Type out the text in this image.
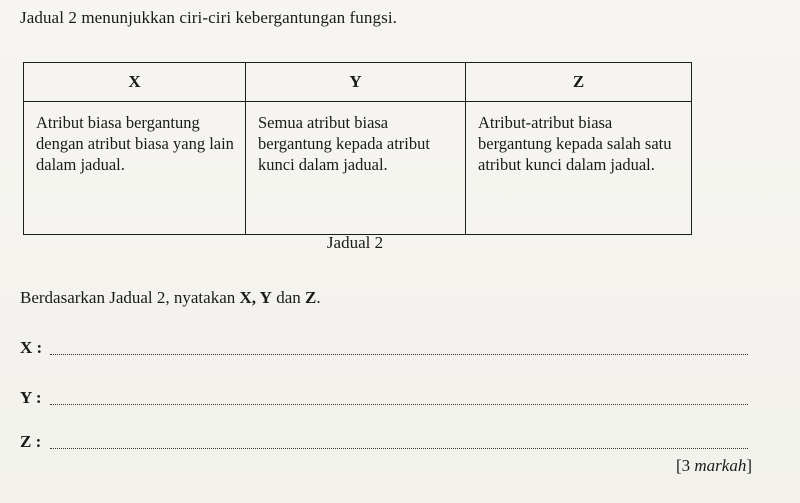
Jadual 2 menunjukkan ciri-ciri kebergantungan fungsi.
X	Y	Z
Atribut biasa bergantung dengan atribut biasa yang lain dalam jadual.	Semua atribut biasa bergantung kepada atribut kunci dalam jadual.	Atribut-atribut biasa bergantung kepada salah satu atribut kunci dalam jadual.
Jadual 2
Berdasarkan Jadual 2, nyatakan X, Y dan Z.
X :
Y :
Z :
[3 markah]
